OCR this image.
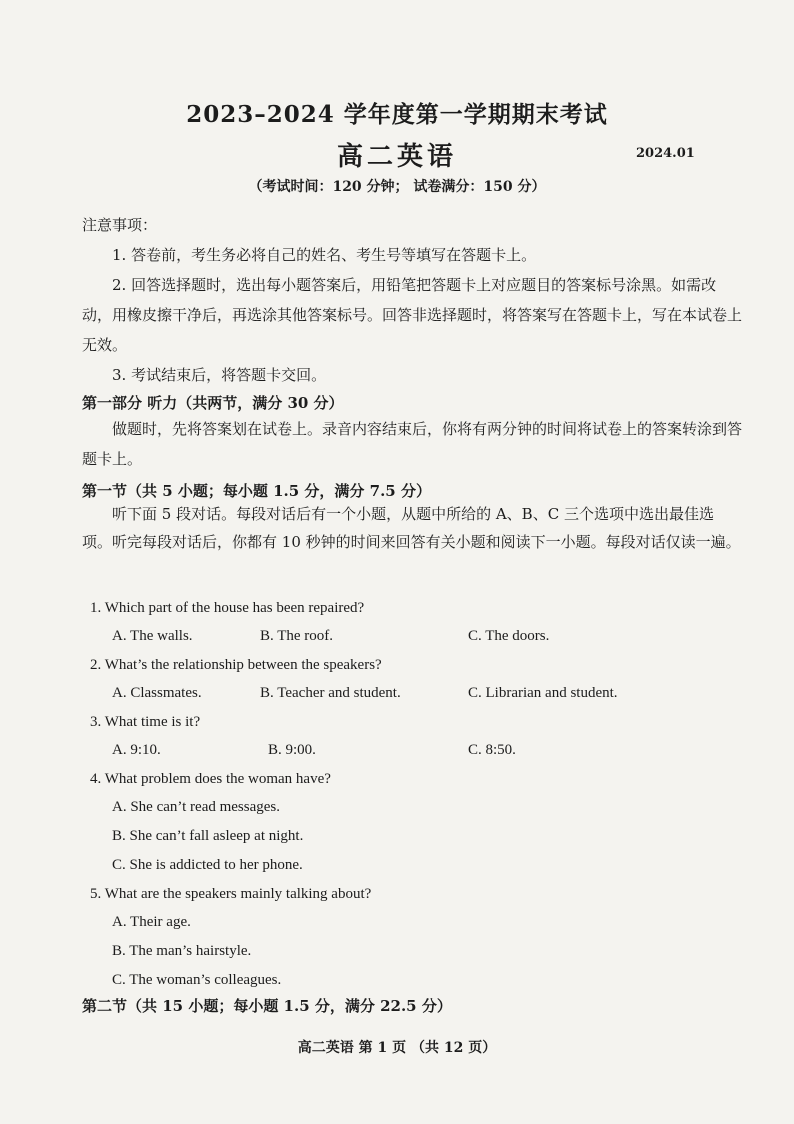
2023–2024 学年度第一学期期末考试
高二英语	2024.01
（考试时间：120 分钟； 试卷满分：150 分）
注意事项：
1. 答卷前，考生务必将自己的姓名、考生号等填写在答题卡上。
2. 回答选择题时，选出每小题答案后，用铅笔把答题卡上对应题目的答案标号涂黑。如需改动，用橡皮擦干净后，再选涂其他答案标号。回答非选择题时，将答案写在答题卡上，写在本试卷上无效。
3. 考试结束后，将答题卡交回。
第一部分 听力（共两节，满分 30 分）
做题时，先将答案划在试卷上。录音内容结束后，你将有两分钟的时间将试卷上的答案转涂到答题卡上。
第一节（共 5 小题；每小题 1.5 分，满分 7.5 分）
听下面 5 段对话。每段对话后有一个小题，从题中所给的 A、B、C 三个选项中选出最佳选项。听完每段对话后，你都有 10 秒钟的时间来回答有关小题和阅读下一小题。每段对话仅读一遍。
1. Which part of the house has been repaired?
A. The walls.	B. The roof.	C. The doors.
2. What’s the relationship between the speakers?
A. Classmates.	B. Teacher and student.	C. Librarian and student.
3. What time is it?
A. 9:10.	B. 9:00.	C. 8:50.
4. What problem does the woman have?
A. She can’t read messages.
B. She can’t fall asleep at night.
C. She is addicted to her phone.
5. What are the speakers mainly talking about?
A. Their age.
B. The man’s hairstyle.
C. The woman’s colleagues.
第二节（共 15 小题；每小题 1.5 分，满分 22.5 分）
高二英语 第 1 页 （共 12 页）
